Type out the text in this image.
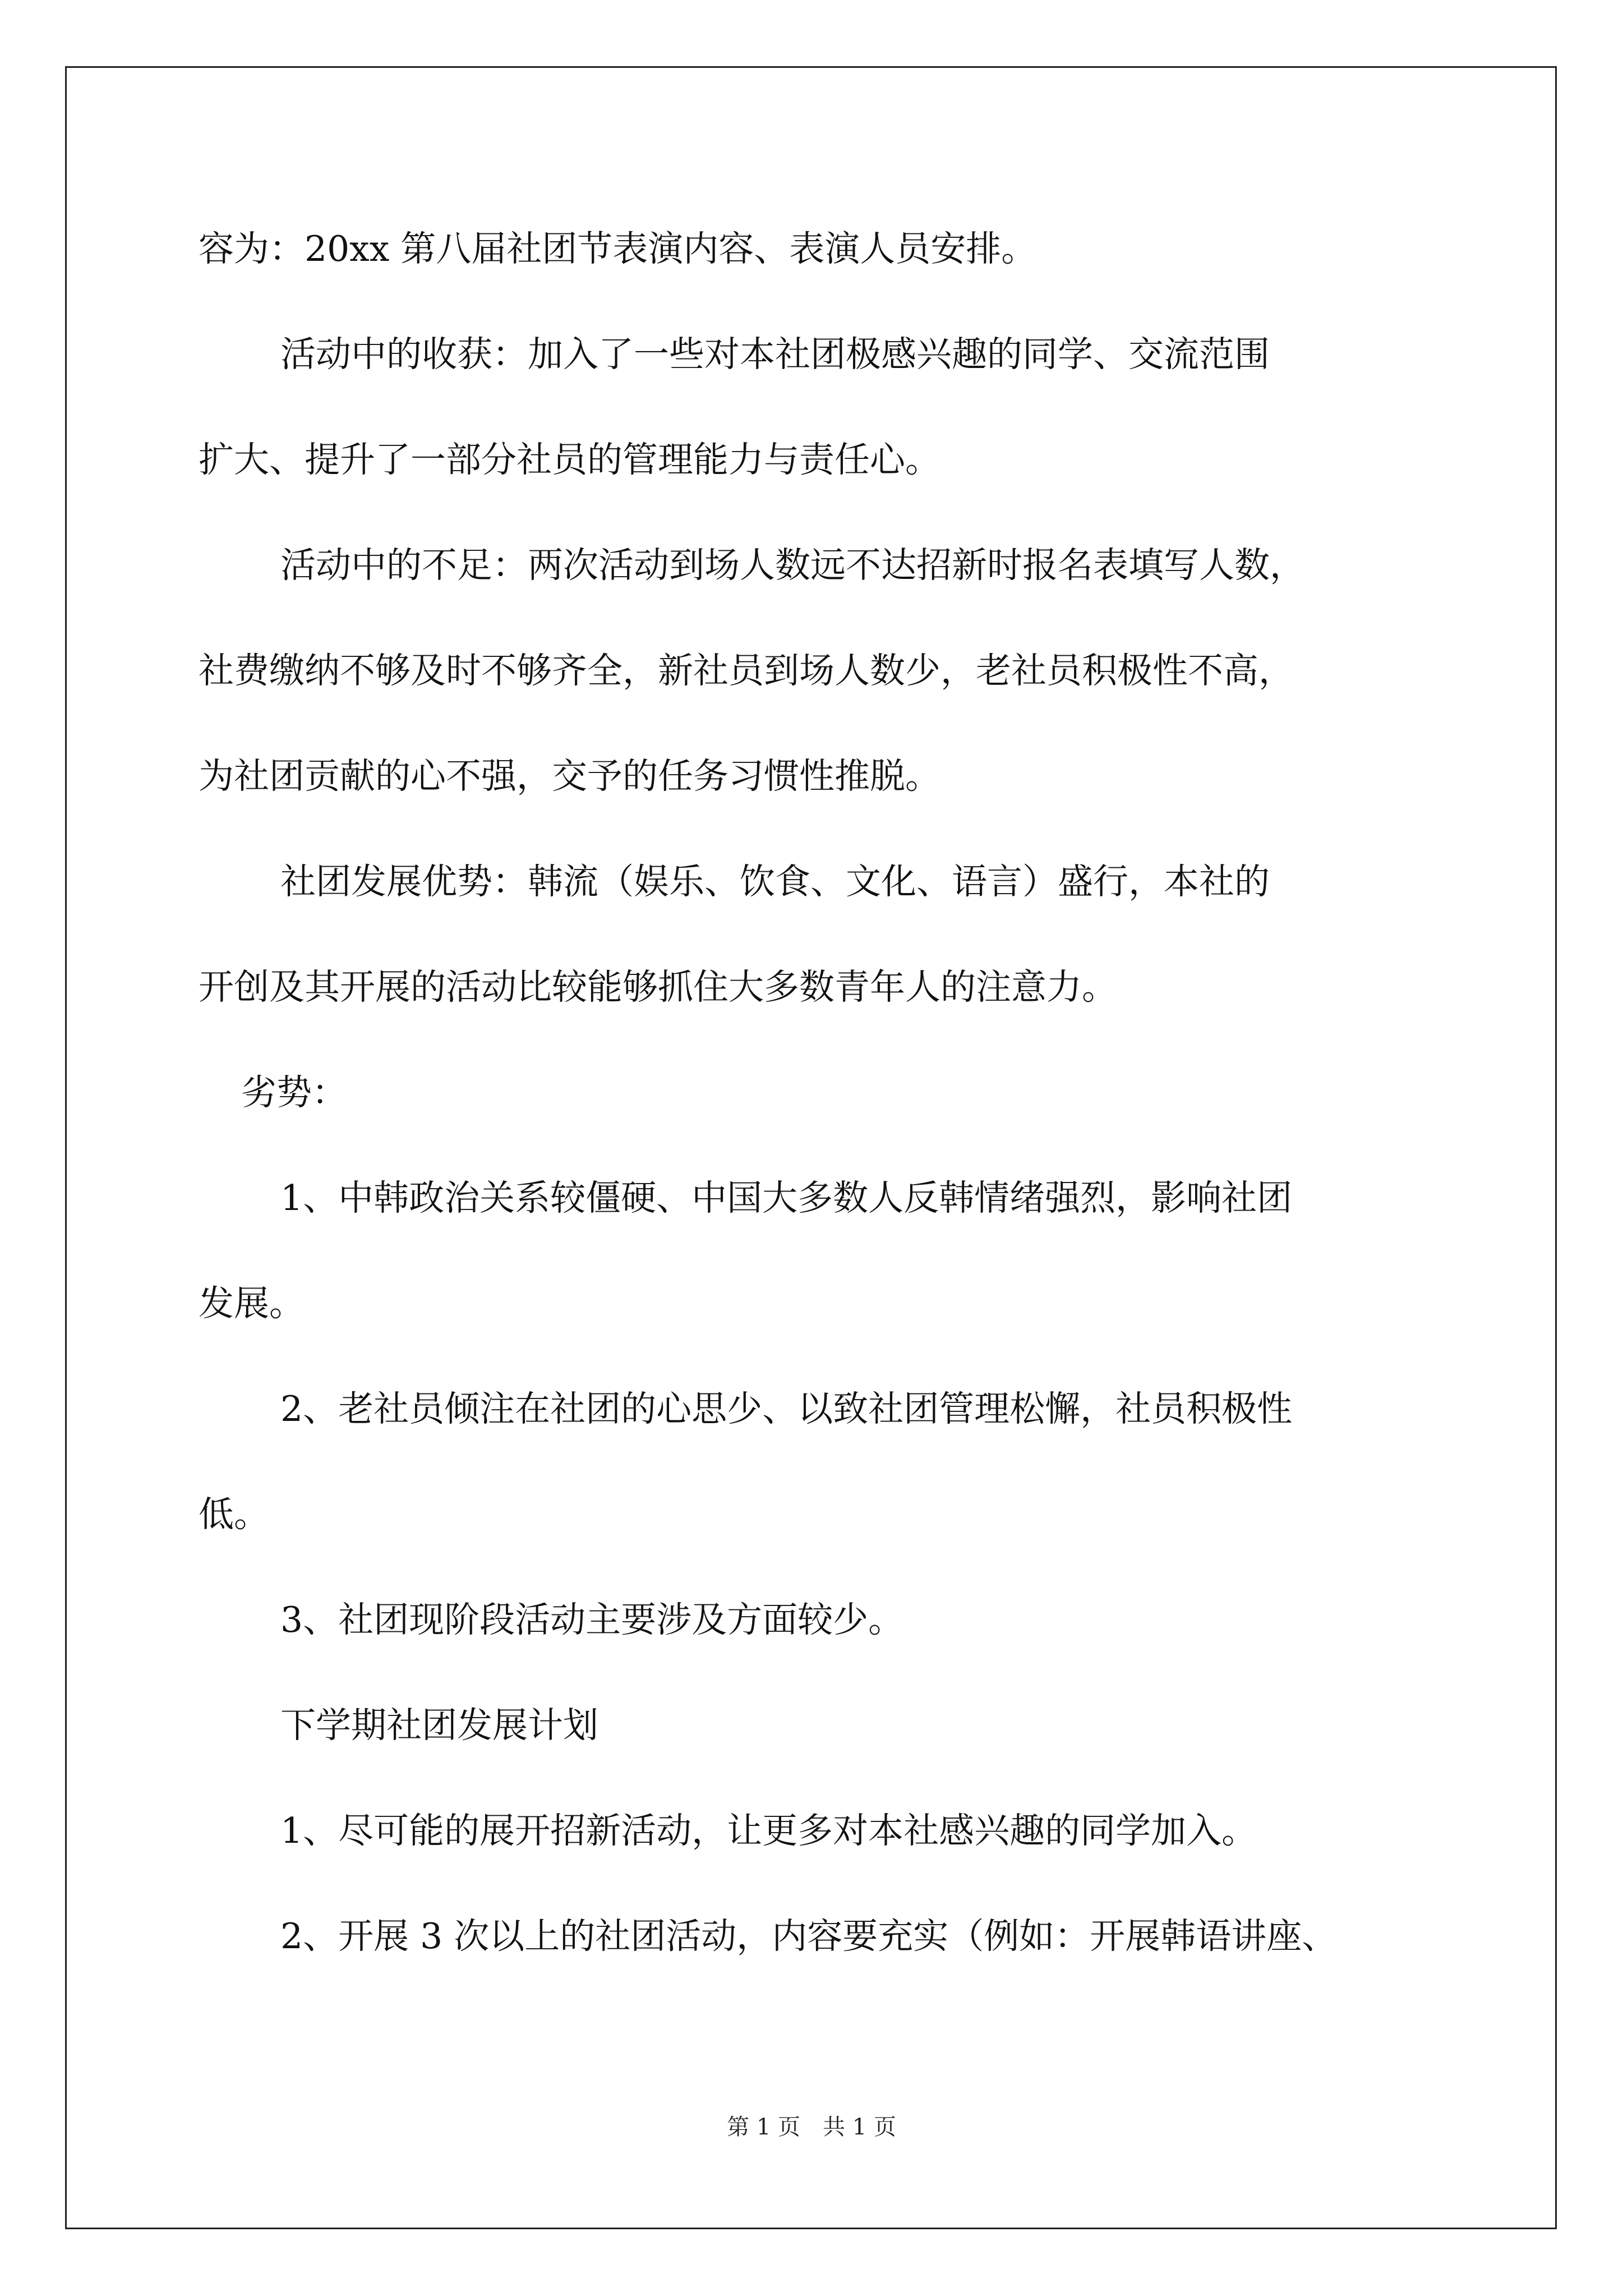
容为：20xx 第八届社团节表演内容、表演人员安排。
活动中的收获：加入了一些对本社团极感兴趣的同学、交流范围
扩大、提升了一部分社员的管理能力与责任心。
活动中的不足：两次活动到场人数远不达招新时报名表填写人数，
社费缴纳不够及时不够齐全，新社员到场人数少，老社员积极性不高，
为社团贡献的心不强，交予的任务习惯性推脱。
社团发展优势：韩流（娱乐、饮食、文化、语言）盛行，本社的
开创及其开展的活动比较能够抓住大多数青年人的注意力。
劣势：
1、中韩政治关系较僵硬、中国大多数人反韩情绪强烈，影响社团
发展。
2、老社员倾注在社团的心思少、以致社团管理松懈，社员积极性
低。
3、社团现阶段活动主要涉及方面较少。
下学期社团发展计划
1、尽可能的展开招新活动，让更多对本社感兴趣的同学加入。
2、开展 3 次以上的社团活动，内容要充实（例如：开展韩语讲座、
第 1 页　共 1 页
